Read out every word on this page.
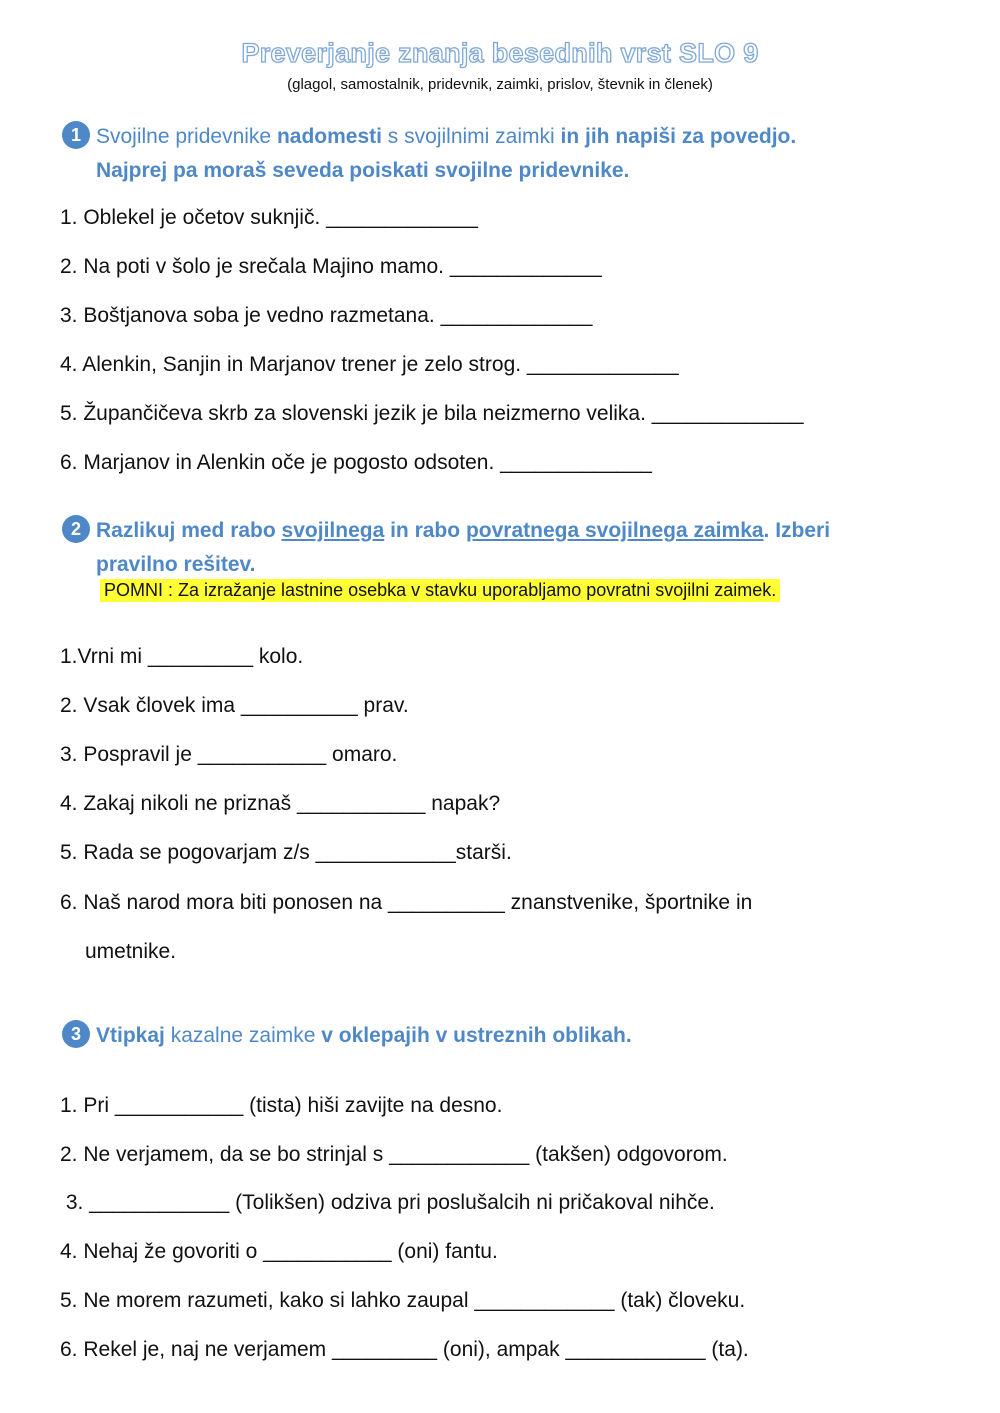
Preverjanje znanja besednih vrst SLO 9
(glagol, samostalnik, pridevnik, zaimki, prislov, števnik in členek)
1 Svojilne pridevnike nadomesti s svojilnimi zaimki in jih napiši za povedjo.
Najprej pa moraš seveda poiskati svojilne pridevnike.
1. Oblekel je očetov suknjič. _____________
2. Na poti v šolo je srečala Majino mamo. _____________
3. Boštjanova soba je vedno razmetana. _____________
4. Alenkin, Sanjin in Marjanov trener je zelo strog. _____________
5. Župančičeva skrb za slovenski jezik je bila neizmerno velika. _____________
6. Marjanov in Alenkin oče je pogosto odsoten. _____________
2 Razlikuj med rabo svojilnega in rabo povratnega svojilnega zaimka. Izberi
pravilno rešitev.
POMNI : Za izražanje lastnine osebka v stavku uporabljamo povratni svojilni zaimek.
1.Vrni mi _________ kolo.
2. Vsak človek ima __________ prav.
3. Pospravil je ___________ omaro.
4. Zakaj nikoli ne priznaš ___________ napak?
5. Rada se pogovarjam z/s ____________starši.
6. Naš narod mora biti ponosen na __________ znanstvenike, športnike in
umetnike.
3 Vtipkaj kazalne zaimke v oklepajih v ustreznih oblikah.
1. Pri ___________ (tista) hiši zavijte na desno.
2. Ne verjamem, da se bo strinjal s ____________ (takšen) odgovorom.
3. ____________ (Tolikšen) odziva pri poslušalcih ni pričakoval nihče.
4. Nehaj že govoriti o ___________ (oni) fantu.
5. Ne morem razumeti, kako si lahko zaupal ____________ (tak) človeku.
6. Rekel je, naj ne verjamem _________ (oni), ampak ____________ (ta).
